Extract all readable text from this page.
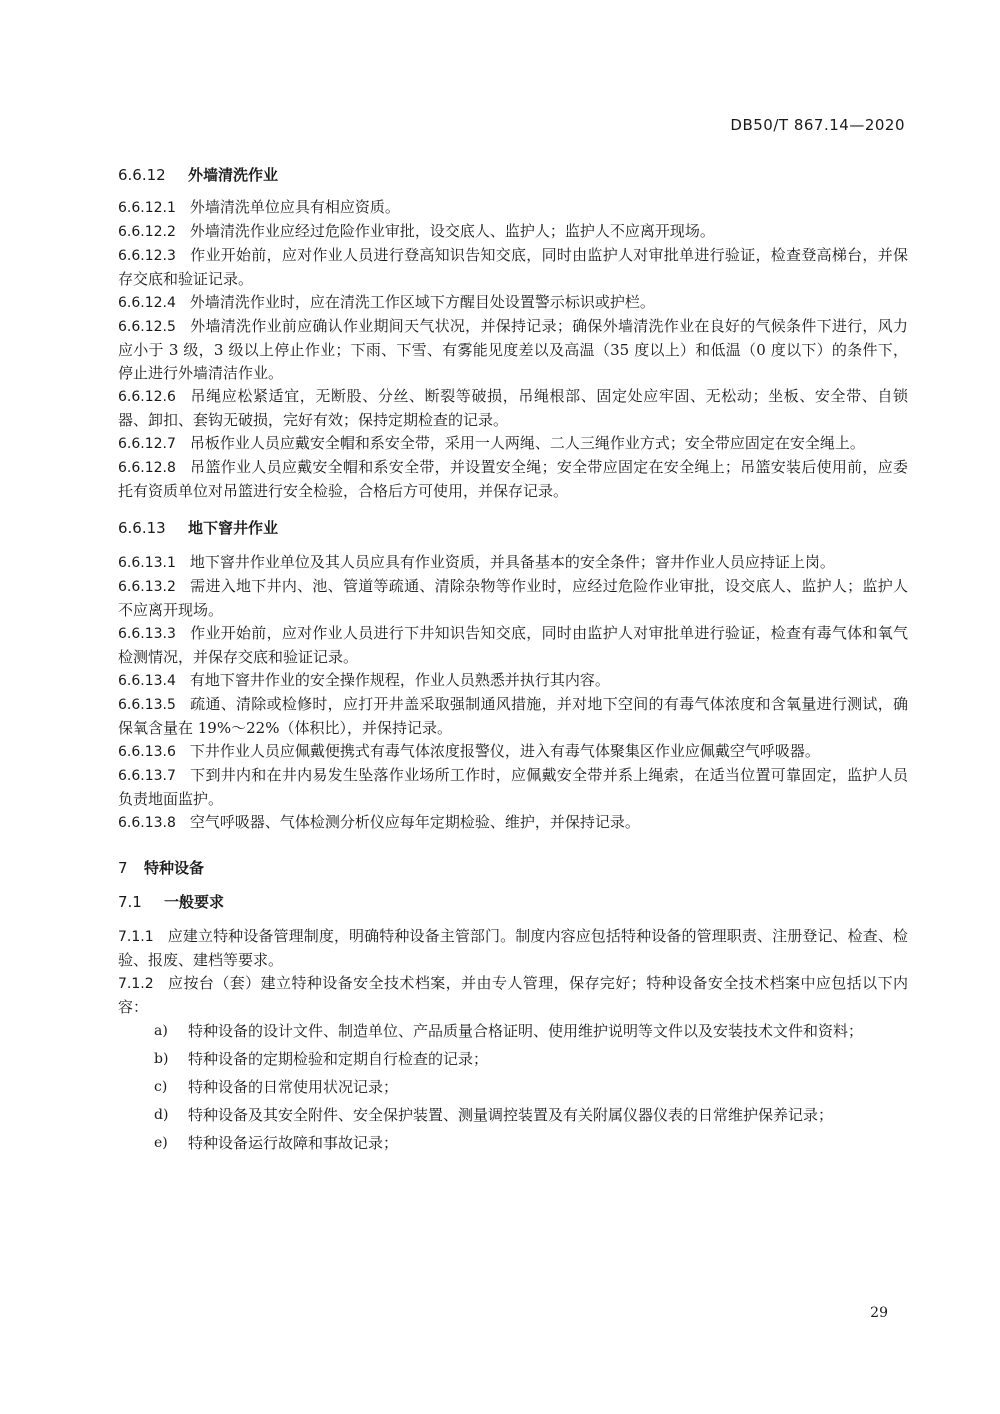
DB50/T 867.14—2020
6.6.12 外墙清洗作业
6.6.12.1 外墙清洗单位应具有相应资质。
6.6.12.2 外墙清洗作业应经过危险作业审批，设交底人、监护人；监护人不应离开现场。
6.6.12.3 作业开始前，应对作业人员进行登高知识告知交底，同时由监护人对审批单进行验证，检查登高梯台，并保存交底和验证记录。
6.6.12.4 外墙清洗作业时，应在清洗工作区域下方醒目处设置警示标识或护栏。
6.6.12.5 外墙清洗作业前应确认作业期间天气状况，并保持记录；确保外墙清洗作业在良好的气候条件下进行，风力应小于 3 级，3 级以上停止作业；下雨、下雪、有雾能见度差以及高温（35 度以上）和低温（0 度以下）的条件下，停止进行外墙清洁作业。
6.6.12.6 吊绳应松紧适宜，无断股、分丝、断裂等破损，吊绳根部、固定处应牢固、无松动；坐板、安全带、自锁器、卸扣、套钩无破损，完好有效；保持定期检查的记录。
6.6.12.7 吊板作业人员应戴安全帽和系安全带，采用一人两绳、二人三绳作业方式；安全带应固定在安全绳上。
6.6.12.8 吊篮作业人员应戴安全帽和系安全带，并设置安全绳；安全带应固定在安全绳上；吊篮安装后使用前，应委托有资质单位对吊篮进行安全检验，合格后方可使用，并保存记录。
6.6.13 地下窨井作业
6.6.13.1 地下窨井作业单位及其人员应具有作业资质，并具备基本的安全条件；窨井作业人员应持证上岗。
6.6.13.2 需进入地下井内、池、管道等疏通、清除杂物等作业时，应经过危险作业审批，设交底人、监护人；监护人不应离开现场。
6.6.13.3 作业开始前，应对作业人员进行下井知识告知交底，同时由监护人对审批单进行验证，检查有毒气体和氧气检测情况，并保存交底和验证记录。
6.6.13.4 有地下窨井作业的安全操作规程，作业人员熟悉并执行其内容。
6.6.13.5 疏通、清除或检修时，应打开井盖采取强制通风措施，并对地下空间的有毒气体浓度和含氧量进行测试，确保氧含量在 19%～22%（体积比），并保持记录。
6.6.13.6 下井作业人员应佩戴便携式有毒气体浓度报警仪，进入有毒气体聚集区作业应佩戴空气呼吸器。
6.6.13.7 下到井内和在井内易发生坠落作业场所工作时，应佩戴安全带并系上绳索，在适当位置可靠固定，监护人员负责地面监护。
6.6.13.8 空气呼吸器、气体检测分析仪应每年定期检验、维护，并保持记录。
7 特种设备
7.1 一般要求
7.1.1 应建立特种设备管理制度，明确特种设备主管部门。制度内容应包括特种设备的管理职责、注册登记、检查、检验、报废、建档等要求。
7.1.2 应按台（套）建立特种设备安全技术档案，并由专人管理，保存完好；特种设备安全技术档案中应包括以下内容：
a) 特种设备的设计文件、制造单位、产品质量合格证明、使用维护说明等文件以及安装技术文件和资料；
b) 特种设备的定期检验和定期自行检查的记录；
c) 特种设备的日常使用状况记录；
d) 特种设备及其安全附件、安全保护装置、测量调控装置及有关附属仪器仪表的日常维护保养记录；
e) 特种设备运行故障和事故记录；
29
